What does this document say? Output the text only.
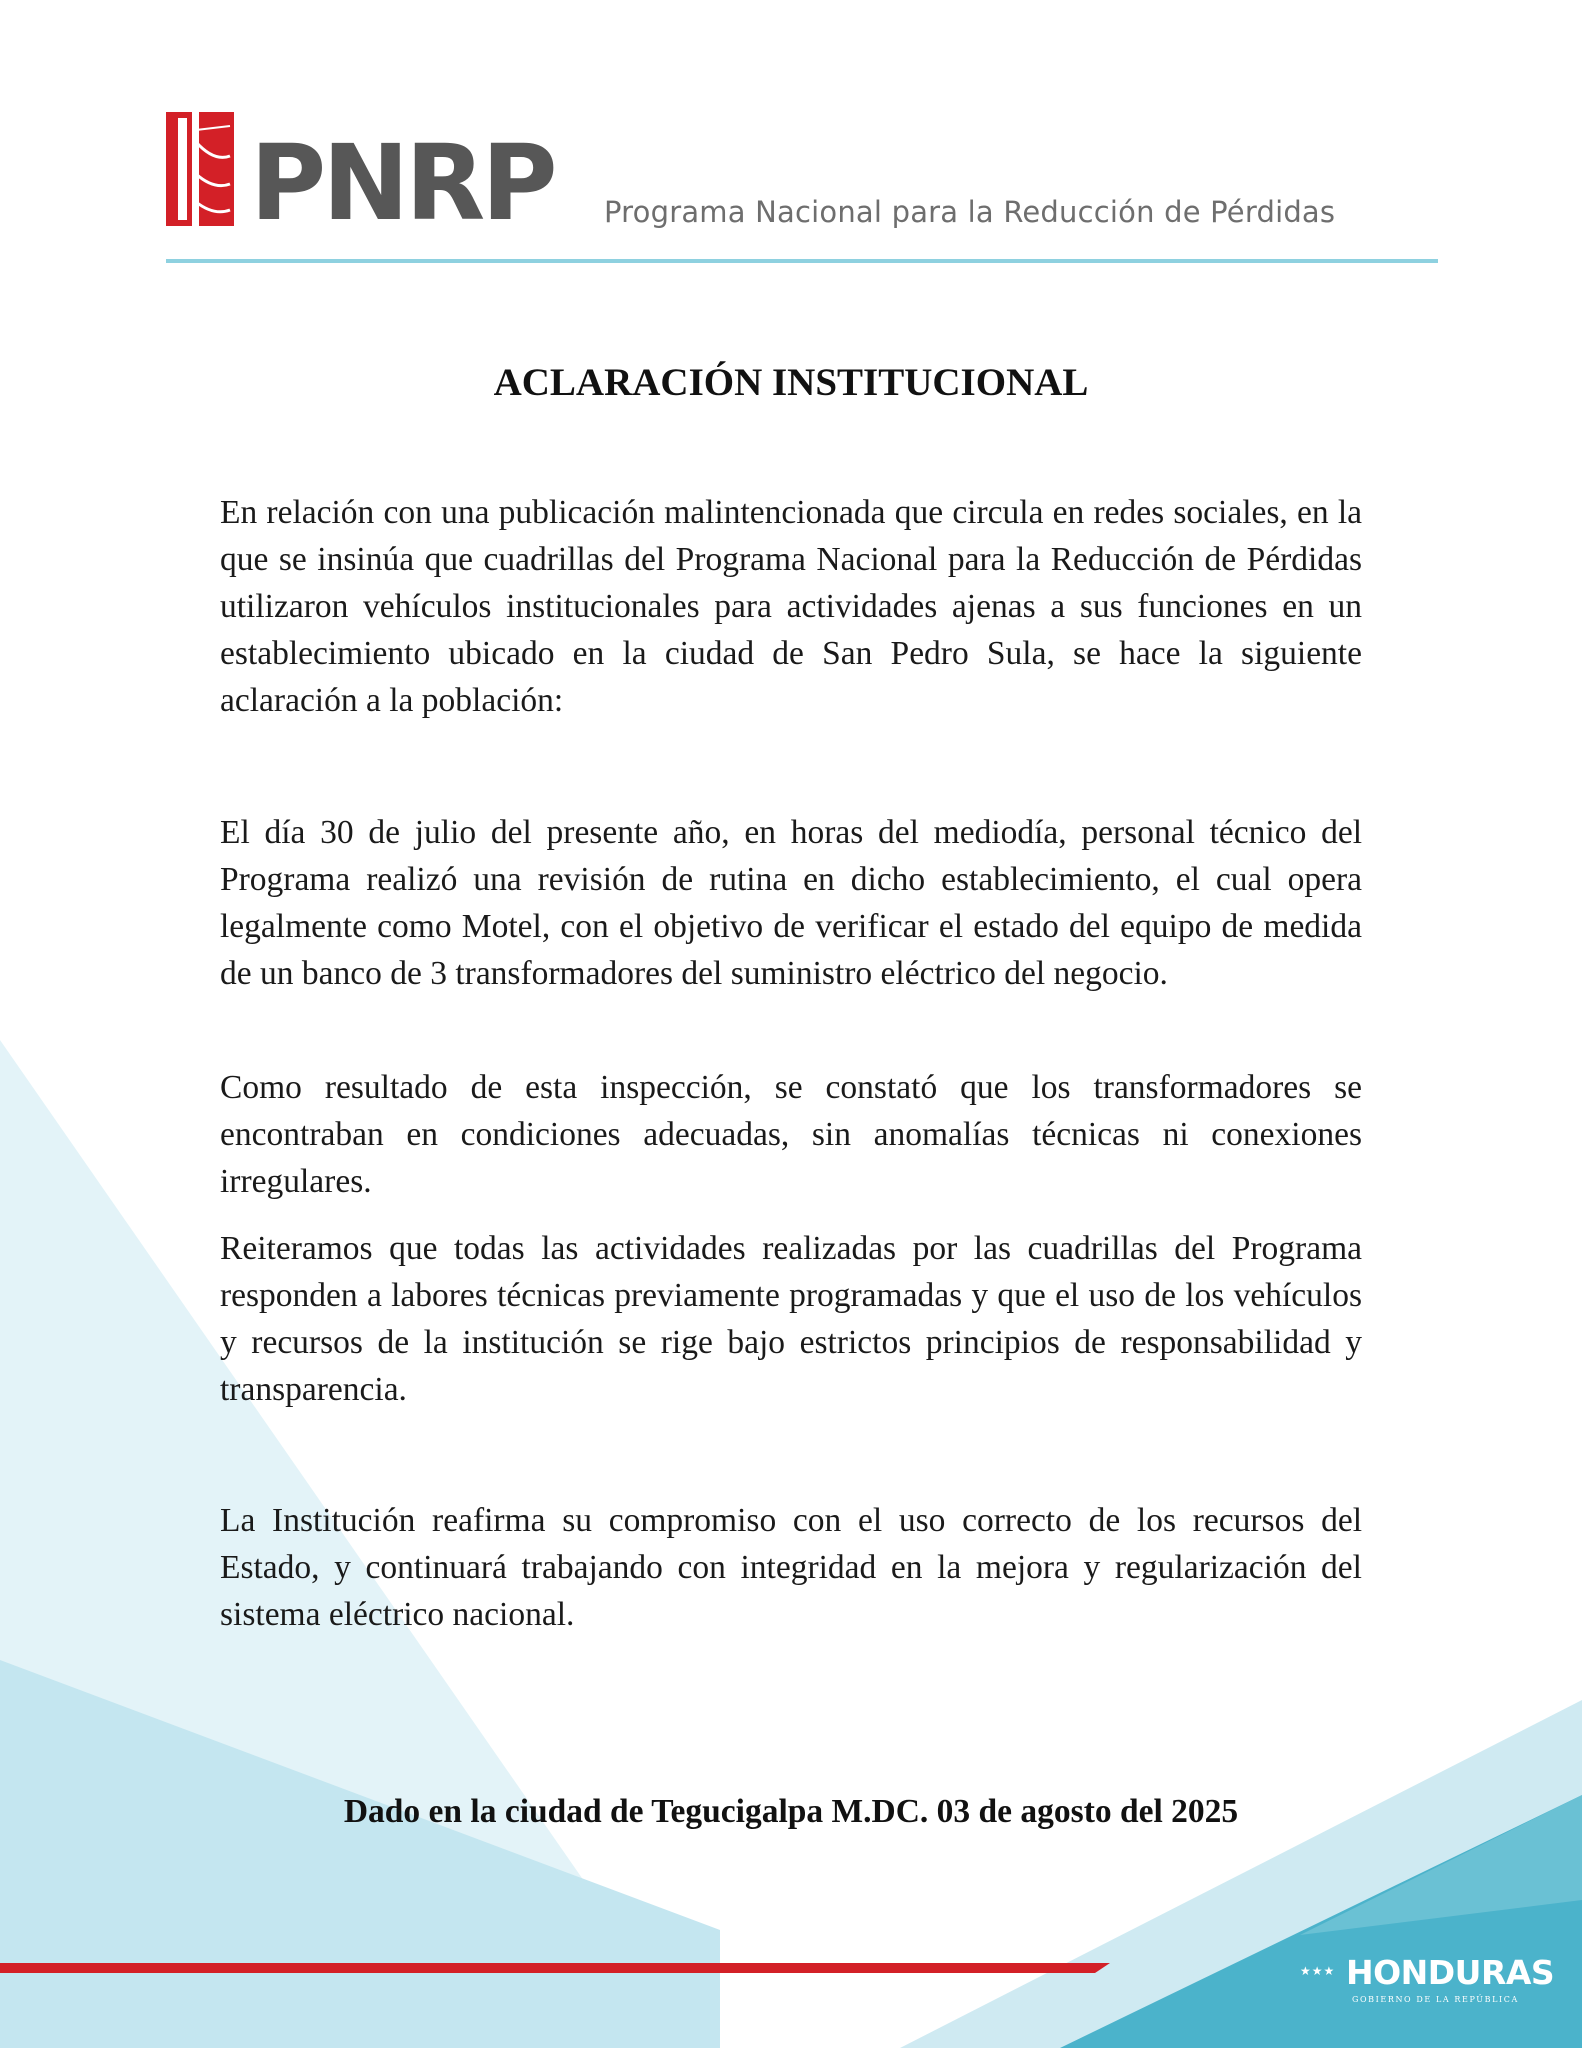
PNRP Programa Nacional para la Reducción de Pérdidas
ACLARACIÓN INSTITUCIONAL

En relación con una publicación malintencionada que circula en redes sociales, en la que se insinúa que cuadrillas del Programa Nacional para la Reducción de Pérdidas utilizaron vehículos institucionales para actividades ajenas a sus funciones en un establecimiento ubicado en la ciudad de San Pedro Sula, se hace la siguiente aclaración a la población:

El día 30 de julio del presente año, en horas del mediodía, personal técnico del Programa realizó una revisión de rutina en dicho establecimiento, el cual opera legalmente como Motel, con el objetivo de verificar el estado del equipo de medida de un banco de 3 transformadores del suministro eléctrico del negocio.

Como resultado de esta inspección, se constató que los transformadores se encontraban en condiciones adecuadas, sin anomalías técnicas ni conexiones irregulares.

Reiteramos que todas las actividades realizadas por las cuadrillas del Programa responden a labores técnicas previamente programadas y que el uso de los vehículos y recursos de la institución se rige bajo estrictos principios de responsabilidad y transparencia.

La Institución reafirma su compromiso con el uso correcto de los recursos del Estado, y continuará trabajando con integridad en la mejora y regularización del sistema eléctrico nacional.

Dado en la ciudad de Tegucigalpa M.DC. 03 de agosto del 2025
★★★ HONDURAS
GOBIERNO DE LA REPÚBLICA
